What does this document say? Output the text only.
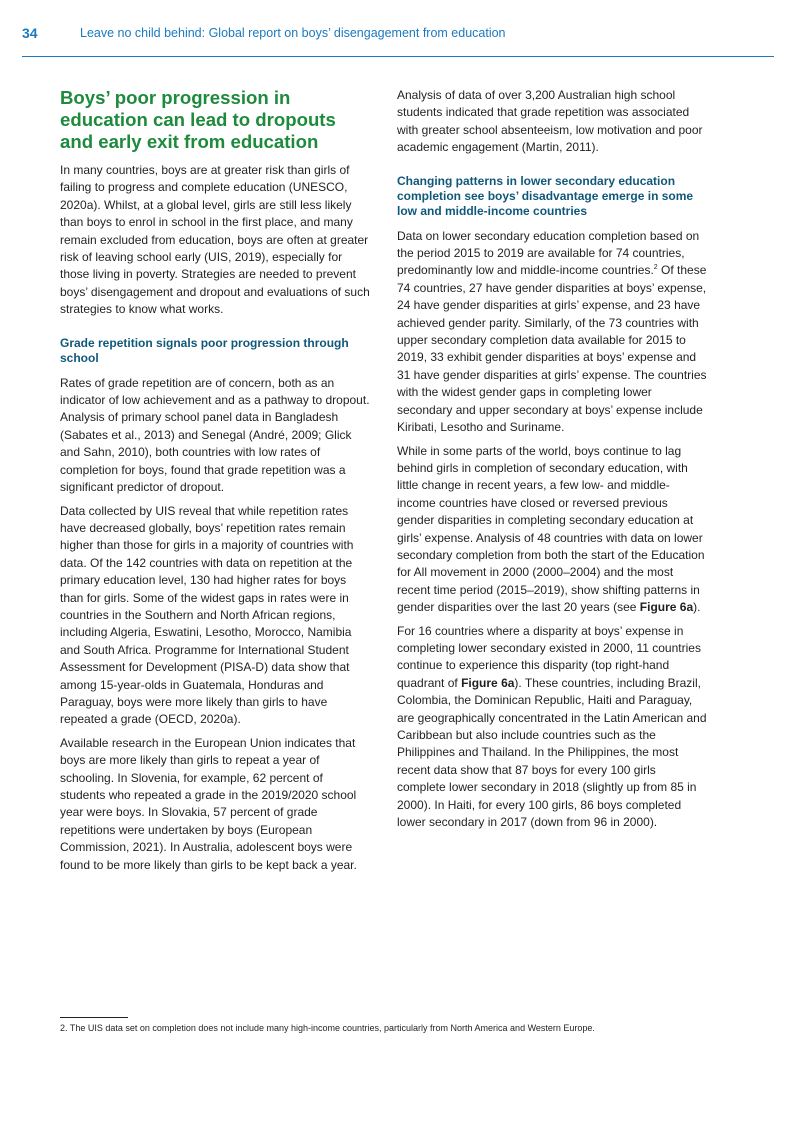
34	Leave no child behind: Global report on boys’ disengagement from education
Boys’ poor progression in education can lead to dropouts and early exit from education

In many countries, boys are at greater risk than girls of failing to progress and complete education (UNESCO, 2020a). Whilst, at a global level, girls are still less likely than boys to enrol in school in the first place, and many remain excluded from education, boys are often at greater risk of leaving school early (UIS, 2019), especially for those living in poverty. Strategies are needed to prevent boys’ disengagement and dropout and evaluations of such strategies to know what works.

Grade repetition signals poor progression through school

Rates of grade repetition are of concern, both as an indicator of low achievement and as a pathway to dropout. Analysis of primary school panel data in Bangladesh (Sabates et al., 2013) and Senegal (André, 2009; Glick and Sahn, 2010), both countries with low rates of completion for boys, found that grade repetition was a significant predictor of dropout.

Data collected by UIS reveal that while repetition rates have decreased globally, boys’ repetition rates remain higher than those for girls in a majority of countries with data. Of the 142 countries with data on repetition at the primary education level, 130 had higher rates for boys than for girls. Some of the widest gaps in rates were in countries in the Southern and North African regions, including Algeria, Eswatini, Lesotho, Morocco, Namibia and South Africa. Programme for International Student Assessment for Development (PISA-D) data show that among 15-year-olds in Guatemala, Honduras and Paraguay, boys were more likely than girls to have repeated a grade (OECD, 2020a).

Available research in the European Union indicates that boys are more likely than girls to repeat a year of schooling. In Slovenia, for example, 62 percent of students who repeated a grade in the 2019/2020 school year were boys. In Slovakia, 57 percent of grade repetitions were undertaken by boys (European Commission, 2021). In Australia, adolescent boys were found to be more likely than girls to be kept back a year.

Analysis of data of over 3,200 Australian high school students indicated that grade repetition was associated with greater school absenteeism, low motivation and poor academic engagement (Martin, 2011).

Changing patterns in lower secondary education completion see boys’ disadvantage emerge in some low and middle-income countries

Data on lower secondary education completion based on the period 2015 to 2019 are available for 74 countries, predominantly low and middle-income countries.$^2$ Of these 74 countries, 27 have gender disparities at boys’ expense, 24 have gender disparities at girls’ expense, and 23 have achieved gender parity. Similarly, of the 73 countries with upper secondary completion data available for 2015 to 2019, 33 exhibit gender disparities at boys’ expense and 31 have gender disparities at girls’ expense. The countries with the widest gender gaps in completing lower secondary and upper secondary at boys’ expense include Kiribati, Lesotho and Suriname.

While in some parts of the world, boys continue to lag behind girls in completion of secondary education, with little change in recent years, a few low- and middle-income countries have closed or reversed previous gender disparities in completing secondary education at girls’ expense. Analysis of 48 countries with data on lower secondary completion from both the start of the Education for All movement in 2000 (2000–2004) and the most recent time period (2015–2019), show shifting patterns in gender disparities over the last 20 years (see Figure 6a).

For 16 countries where a disparity at boys’ expense in completing lower secondary existed in 2000, 11 countries continue to experience this disparity (top right-hand quadrant of Figure 6a). These countries, including Brazil, Colombia, the Dominican Republic, Haiti and Paraguay, are geographically concentrated in the Latin American and Caribbean but also include countries such as the Philippines and Thailand. In the Philippines, the most recent data show that 87 boys for every 100 girls complete lower secondary in 2018 (slightly up from 85 in 2000). In Haiti, for every 100 girls, 86 boys completed lower secondary in 2017 (down from 96 in 2000).

2. The UIS data set on completion does not include many high-income countries, particularly from North America and Western Europe.
